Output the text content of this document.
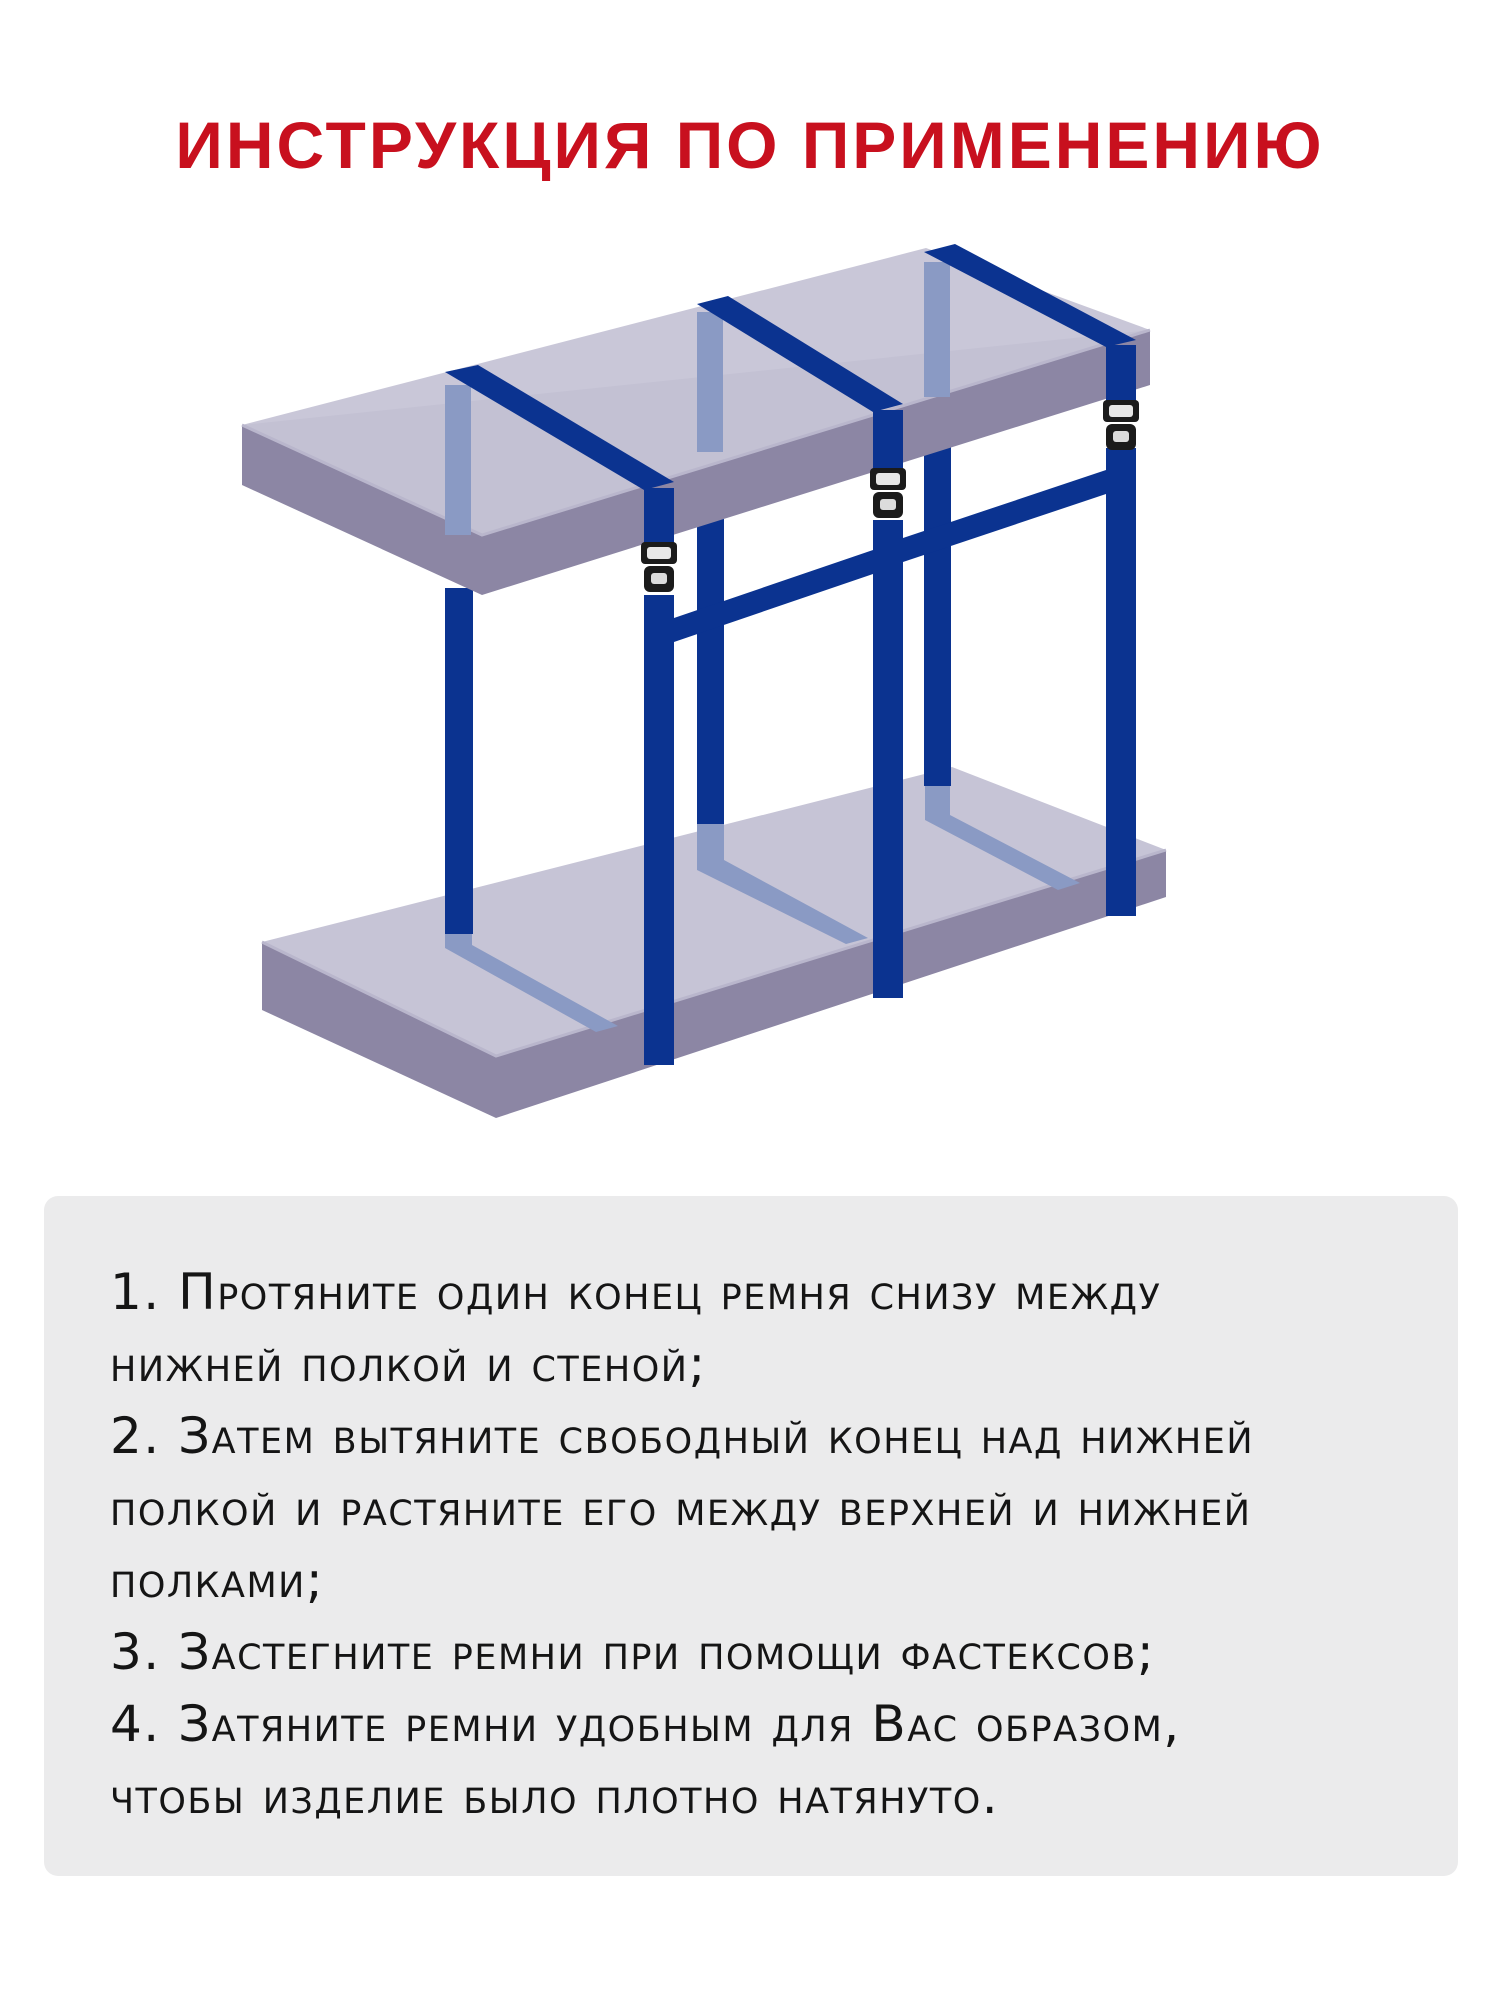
ИНСТРУКЦИЯ ПО ПРИМЕНЕНИЮ
1. Протяните один конец ремня снизу между
нижней полкой и стеной;
2. Затем вытяните свободный конец над нижней
полкой и растяните его между верхней и нижней
полками;
3. Застегните ремни при помощи фастексов;
4. Затяните ремни удобным для Вас образом,
чтобы изделие было плотно натянуто.
